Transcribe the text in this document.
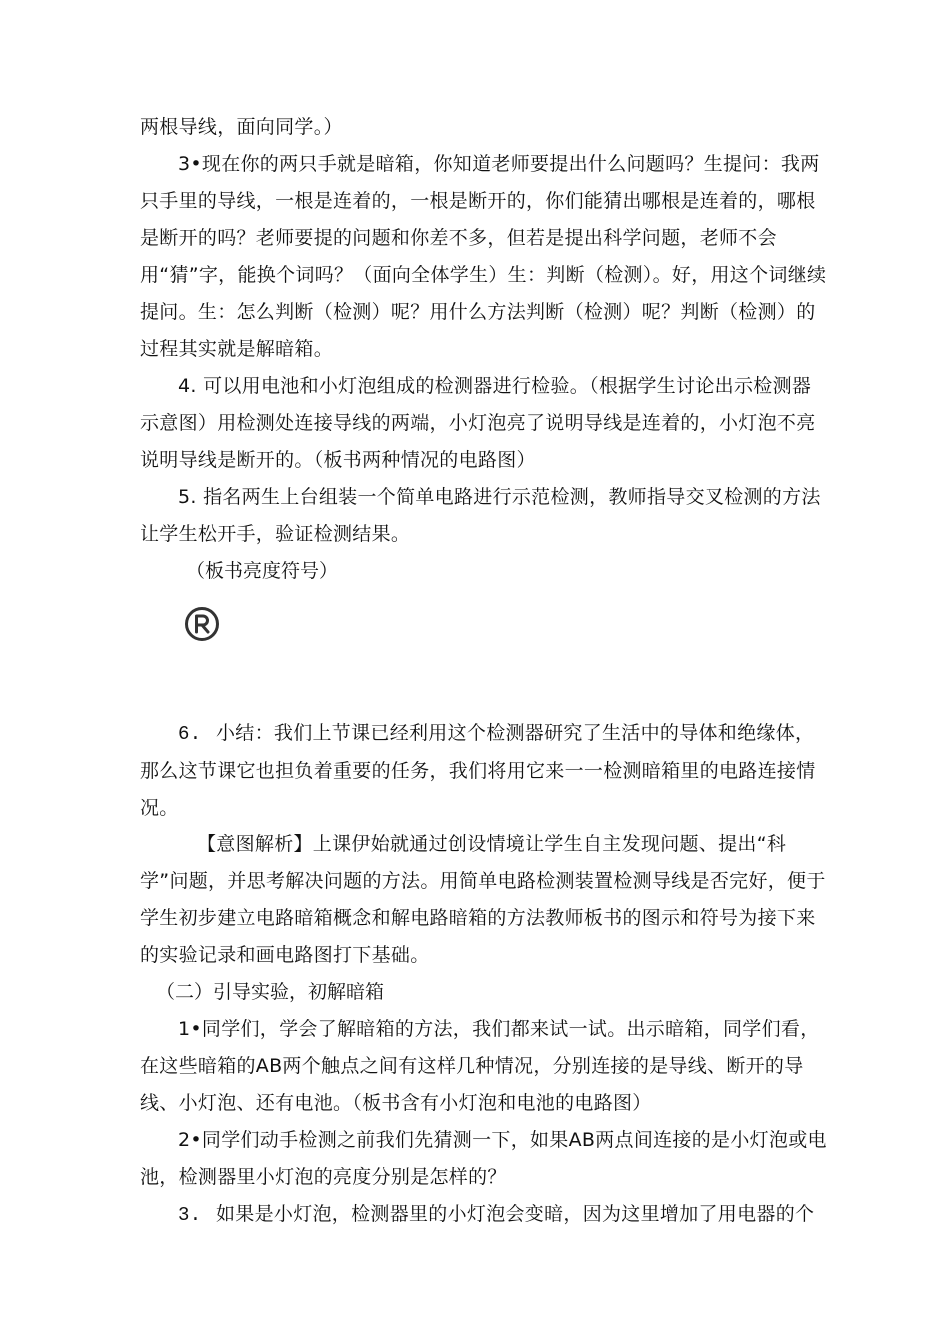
两根导线，面向同学。）

3•现在你的两只手就是暗箱，你知道老师要提出什么问题吗？生提问：我两只手里的导线，一根是连着的，一根是断开的，你们能猜出哪根是连着的，哪根是断开的吗？老师要提的问题和你差不多，但若是提出科学问题，老师不会用“猜”字，能换个词吗？（面向全体学生）生：判断（检测）。好，用这个词继续提问。生：怎么判断（检测）呢？用什么方法判断（检测）呢？判断（检测）的过程其实就是解暗箱。

4. 可以用电池和小灯泡组成的检测器进行检验。（根据学生讨论出示检测器示意图）用检测处连接导线的两端，小灯泡亮了说明导线是连着的，小灯泡不亮说明导线是断开的。（板书两种情况的电路图）

5. 指名两生上台组装一个简单电路进行示范检测，教师指导交叉检测的方法让学生松开手，验证检测结果。

（板书亮度符号）

6. 小结：我们上节课已经利用这个检测器研究了生活中的导体和绝缘体，那么这节课它也担负着重要的任务，我们将用它来一一检测暗箱里的电路连接情况。

【意图解析】上课伊始就通过创设情境让学生自主发现问题、提出“科学”问题，并思考解决问题的方法。用简单电路检测装置检测导线是否完好，便于学生初步建立电路暗箱概念和解电路暗箱的方法教师板书的图示和符号为接下来的实验记录和画电路图打下基础。

（二）引导实验，初解暗箱

1•同学们，学会了解暗箱的方法，我们都来试一试。出示暗箱，同学们看，在这些暗箱的AB两个触点之间有这样几种情况，分别连接的是导线、断开的导线、小灯泡、还有电池。（板书含有小灯泡和电池的电路图）

2•同学们动手检测之前我们先猜测一下，如果AB两点间连接的是小灯泡或电池，检测器里小灯泡的亮度分别是怎样的？

3. 如果是小灯泡，检测器里的小灯泡会变暗，因为这里增加了用电器的个
